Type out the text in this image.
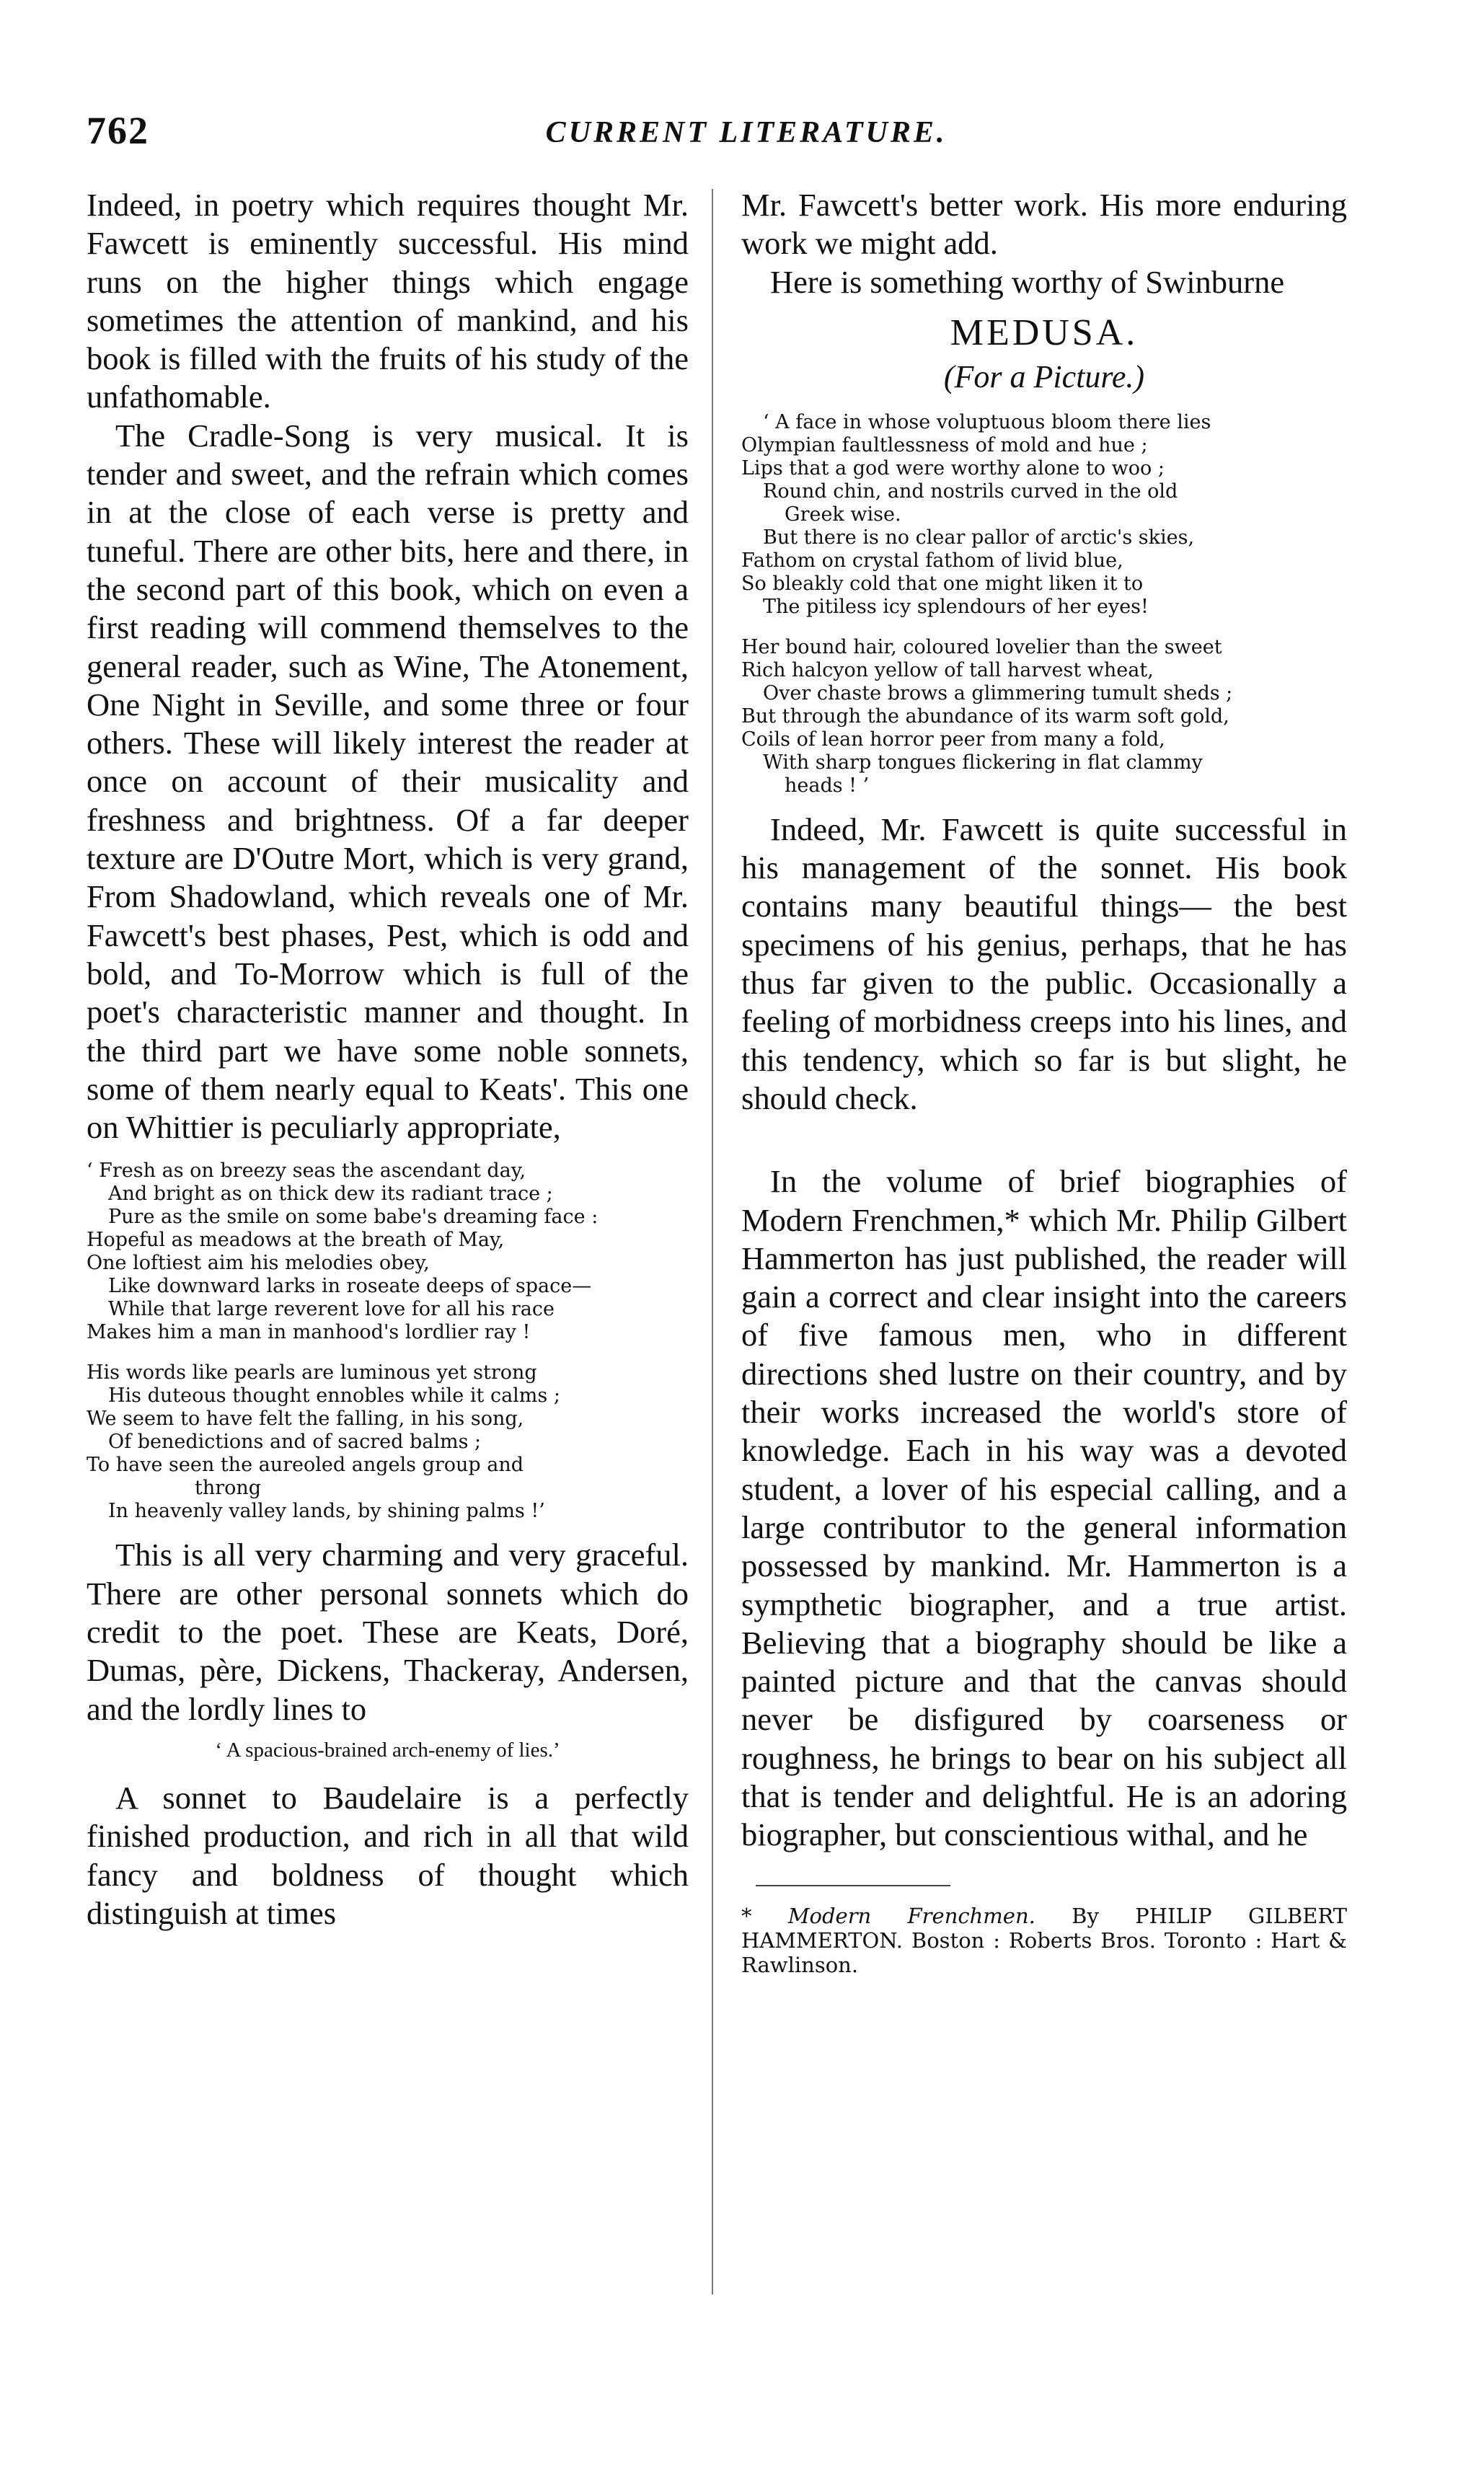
762	CURRENT LITERATURE.

Indeed, in poetry which requires thought Mr. Fawcett is eminently successful. His mind runs on the higher things which engage sometimes the attention of mankind, and his book is filled with the fruits of his study of the unfathomable.

The Cradle-Song is very musical. It is tender and sweet, and the refrain which comes in at the close of each verse is pretty and tuneful. There are other bits, here and there, in the second part of this book, which on even a first reading will commend themselves to the general reader, such as Wine, The Atonement, One Night in Seville, and some three or four others. These will likely interest the reader at once on account of their musicality and freshness and brightness. Of a far deeper texture are D'Outre Mort, which is very grand, From Shadowland, which reveals one of Mr. Fawcett's best phases, Pest, which is odd and bold, and To-Morrow which is full of the poet's characteristic manner and thought. In the third part we have some noble sonnets, some of them nearly equal to Keats'. This one on Whittier is peculiarly appropriate,

‘ Fresh as on breezy seas the ascendant day,
And bright as on thick dew its radiant trace ;
Pure as the smile on some babe's dreaming face :
Hopeful as meadows at the breath of May,
One loftiest aim his melodies obey,
Like downward larks in roseate deeps of space—
While that large reverent love for all his race
Makes him a man in manhood's lordlier ray !
His words like pearls are luminous yet strong
His duteous thought ennobles while it calms ;
We seem to have felt the falling, in his song,
Of benedictions and of sacred balms ;
To have seen the aureoled angels group and
throng
In heavenly valley lands, by shining palms !’

This is all very charming and very graceful. There are other personal sonnets which do credit to the poet. These are Keats, Doré, Dumas, père, Dickens, Thackeray, Andersen, and the lordly lines to

‘ A spacious-brained arch-enemy of lies.’

A sonnet to Baudelaire is a perfectly finished production, and rich in all that wild fancy and boldness of thought which distinguish at times

Mr. Fawcett's better work. His more enduring work we might add.

Here is something worthy of Swinburne

MEDUSA.
(For a Picture.)
‘ A face in whose voluptuous bloom there lies
Olympian faultlessness of mold and hue ;
Lips that a god were worthy alone to woo ;
Round chin, and nostrils curved in the old
Greek wise.
But there is no clear pallor of arctic's skies,
Fathom on crystal fathom of livid blue,
So bleakly cold that one might liken it to
The pitiless icy splendours of her eyes!
Her bound hair, coloured lovelier than the sweet
Rich halcyon yellow of tall harvest wheat,
Over chaste brows a glimmering tumult sheds ;
But through the abundance of its warm soft gold,
Coils of lean horror peer from many a fold,
With sharp tongues flickering in flat clammy
heads ! ’

Indeed, Mr. Fawcett is quite successful in his management of the sonnet. His book contains many beautiful things— the best specimens of his genius, perhaps, that he has thus far given to the public. Occasionally a feeling of morbidness creeps into his lines, and this tendency, which so far is but slight, he should check.

In the volume of brief biographies of Modern Frenchmen,* which Mr. Philip Gilbert Hammerton has just published, the reader will gain a correct and clear insight into the careers of five famous men, who in different directions shed lustre on their country, and by their works increased the world's store of knowledge. Each in his way was a devoted student, a lover of his especial calling, and a large contributor to the general information possessed by mankind. Mr. Hammerton is a sympthetic biographer, and a true artist. Believing that a biography should be like a painted picture and that the canvas should never be disfigured by coarseness or roughness, he brings to bear on his subject all that is tender and delightful. He is an adoring biographer, but conscientious withal, and he

* Modern Frenchmen. By PHILIP GILBERT HAMMERTON. Boston : Roberts Bros. Toronto : Hart & Rawlinson.
